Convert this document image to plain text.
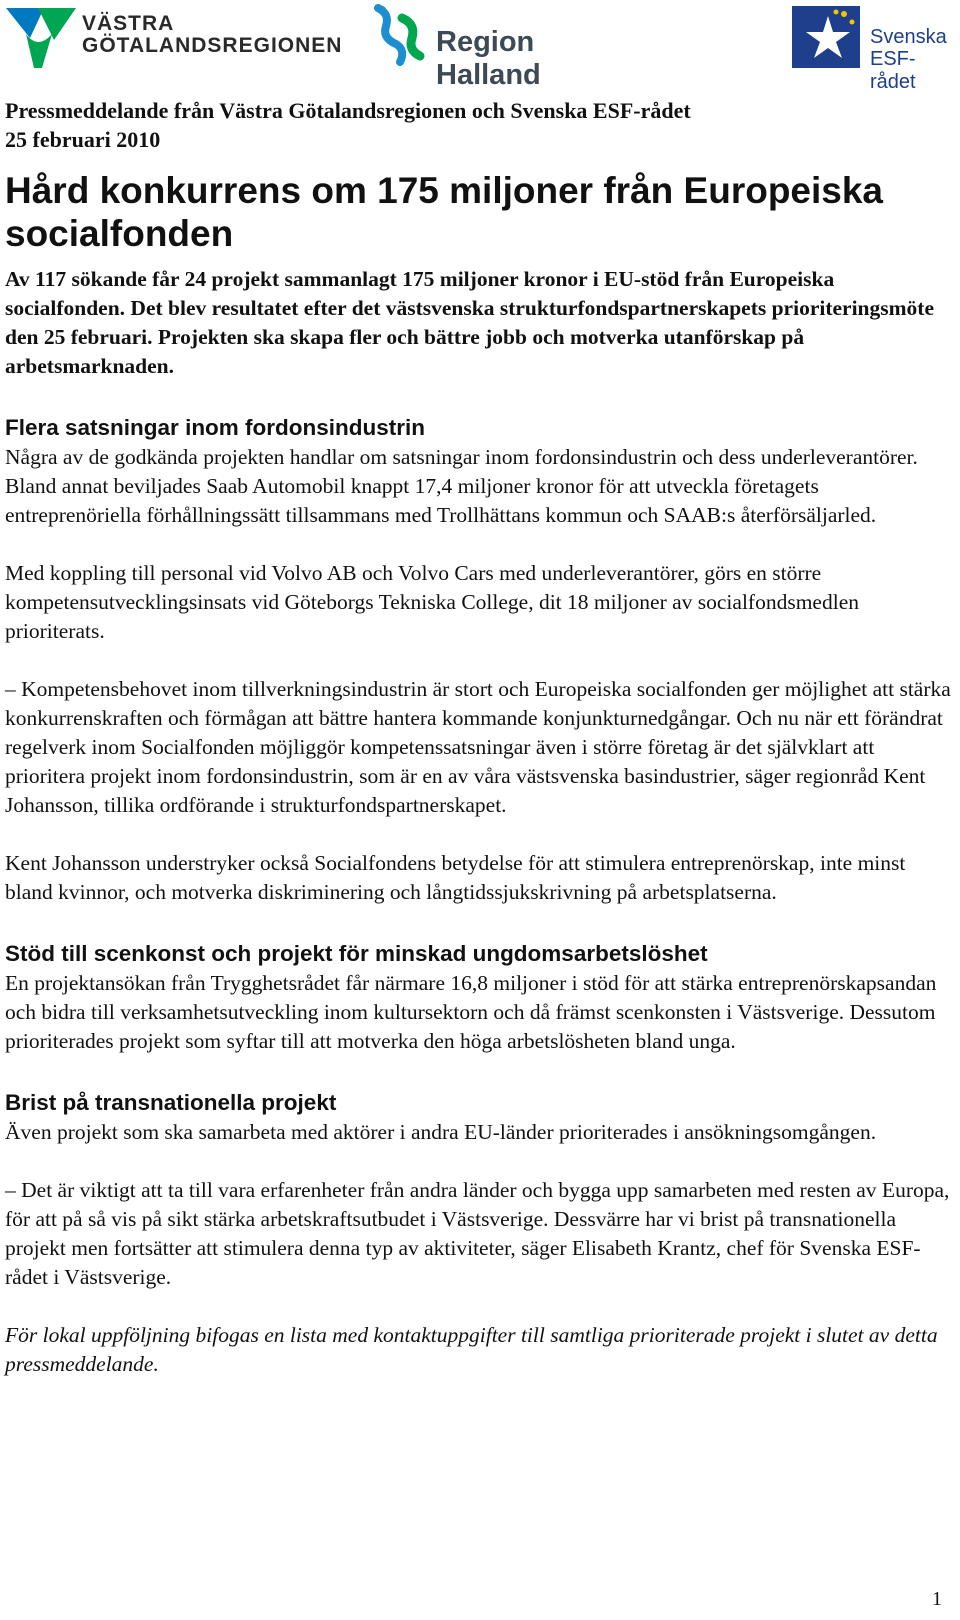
VÄSTRA
GÖTALANDSREGIONEN	Region Halland
Svenska
ESF-rådet

Pressmeddelande från Västra Götalandsregionen och Svenska ESF-rådet

25 februari 2010

Hård konkurrens om 175 miljoner från Europeiska socialfonden

Av 117 sökande får 24 projekt sammanlagt 175 miljoner kronor i EU-stöd från Europeiska socialfonden. Det blev resultatet efter det västsvenska strukturfondspartnerskapets prioriteringsmöte den 25 februari. Projekten ska skapa fler och bättre jobb och motverka utanförskap på arbetsmarknaden.

Flera satsningar inom fordonsindustrin

Några av de godkända projekten handlar om satsningar inom fordonsindustrin och dess underleverantörer. Bland annat beviljades Saab Automobil knappt 17,4 miljoner kronor för att utveckla företagets entreprenöriella förhållningssätt tillsammans med Trollhättans kommun och SAAB:s återförsäljarled.

Med koppling till personal vid Volvo AB och Volvo Cars med underleverantörer, görs en större kompetensutvecklingsinsats vid Göteborgs Tekniska College, dit 18 miljoner av socialfondsmedlen prioriterats.

– Kompetensbehovet inom tillverkningsindustrin är stort och Europeiska socialfonden ger möjlighet att stärka konkurrenskraften och förmågan att bättre hantera kommande konjunkturnedgångar. Och nu när ett förändrat regelverk inom Socialfonden möjliggör kompetenssatsningar även i större företag är det självklart att prioritera projekt inom fordonsindustrin, som är en av våra västsvenska basindustrier, säger regionråd Kent Johansson, tillika ordförande i strukturfondspartnerskapet.

Kent Johansson understryker också Socialfondens betydelse för att stimulera entreprenörskap, inte minst bland kvinnor, och motverka diskriminering och långtidssjukskrivning på arbetsplatserna.

Stöd till scenkonst och projekt för minskad ungdomsarbetslöshet

En projektansökan från Trygghetsrådet får närmare 16,8 miljoner i stöd för att stärka entreprenörskapsandan och bidra till verksamhetsutveckling inom kultursektorn och då främst scenkonsten i Västsverige. Dessutom prioriterades projekt som syftar till att motverka den höga arbetslösheten bland unga.

Brist på transnationella projekt

Även projekt som ska samarbeta med aktörer i andra EU-länder prioriterades i ansökningsomgången.

– Det är viktigt att ta till vara erfarenheter från andra länder och bygga upp samarbeten med resten av Europa, för att på så vis på sikt stärka arbetskraftsutbudet i Västsverige. Dessvärre har vi brist på transnationella projekt men fortsätter att stimulera denna typ av aktiviteter, säger Elisabeth Krantz, chef för Svenska ESF-rådet i Västsverige.

För lokal uppföljning bifogas en lista med kontaktuppgifter till samtliga prioriterade projekt i slutet av detta pressmeddelande.

1
